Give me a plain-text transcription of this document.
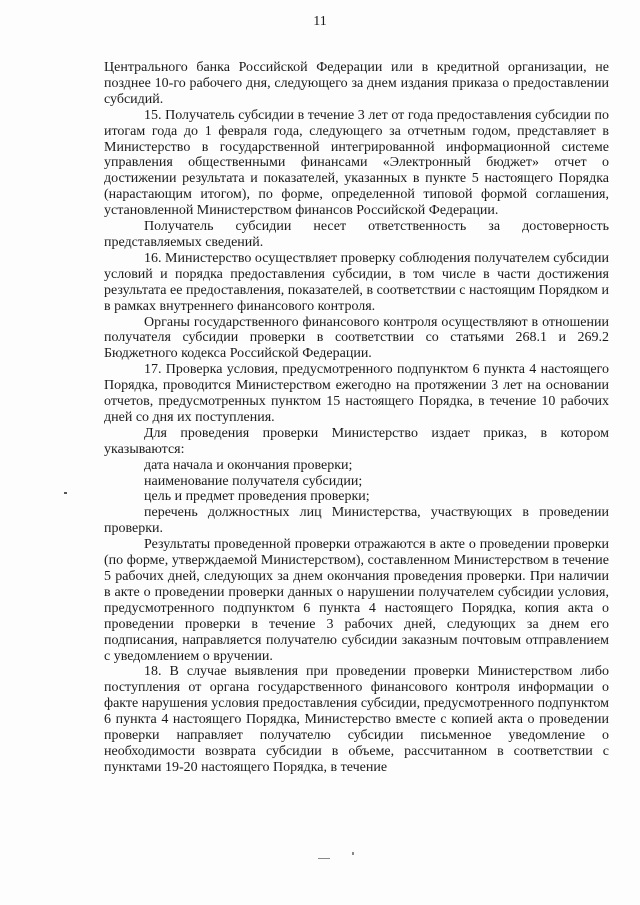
11

Центрального банка Российской Федерации или в кредитной организации, не позднее 10-го рабочего дня, следующего за днем издания приказа о предоставлении субсидий.

15. Получатель субсидии в течение 3 лет от года предоставления субсидии по итогам года до 1 февраля года, следующего за отчетным годом, представляет в Министерство в государственной интегрированной информационной системе управления общественными финансами «Электронный бюджет» отчет о достижении результата и показателей, указанных в пункте 5 настоящего Порядка (нарастающим итогом), по форме, определенной типовой формой соглашения, установленной Министерством финансов Российской Федерации.

Получатель субсидии несет ответственность за достоверность представляемых сведений.

16. Министерство осуществляет проверку соблюдения получателем субсидии условий и порядка предоставления субсидии, в том числе в части достижения результата ее предоставления, показателей, в соответствии с настоящим Порядком и в рамках внутреннего финансового контроля.

Органы государственного финансового контроля осуществляют в отношении получателя субсидии проверки в соответствии со статьями 268.1 и 269.2 Бюджетного кодекса Российской Федерации.

17. Проверка условия, предусмотренного подпунктом 6 пункта 4 настоящего Порядка, проводится Министерством ежегодно на протяжении 3 лет на основании отчетов, предусмотренных пунктом 15 настоящего Порядка, в течение 10 рабочих дней со дня их поступления.

Для проведения проверки Министерство издает приказ, в котором указываются:

дата начала и окончания проверки;

наименование получателя субсидии;

цель и предмет проведения проверки;

перечень должностных лиц Министерства, участвующих в проведении проверки.

Результаты проведенной проверки отражаются в акте о проведении проверки (по форме, утверждаемой Министерством), составленном Министерством в течение 5 рабочих дней, следующих за днем окончания проведения проверки. При наличии в акте о проведении проверки данных о нарушении получателем субсидии условия, предусмотренного подпунктом 6 пункта 4 настоящего Порядка, копия акта о проведении проверки в течение 3 рабочих дней, следующих за днем его подписания, направляется получателю субсидии заказным почтовым отправлением с уведомлением о вручении.

18. В случае выявления при проведении проверки Министерством либо поступления от органа государственного финансового контроля информации о факте нарушения условия предоставления субсидии, предусмотренного подпунктом 6 пункта 4 настоящего Порядка, Министерство вместе с копией акта о проведении проверки направляет получателю субсидии письменное уведомление о необходимости возврата субсидии в объеме, рассчитанном в соответствии с пунктами 19-20 настоящего Порядка, в течение
